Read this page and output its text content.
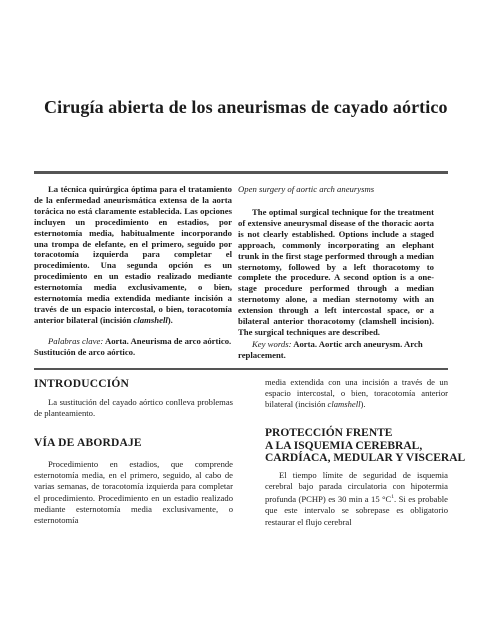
Cirugía abierta de los aneurismas de cayado aórtico

La técnica quirúrgica óptima para el tratamiento de la enfermedad aneurismática extensa de la aorta torácica no está claramente establecida. Las opciones incluyen un procedimiento en estadios, por esternotomía media, habitualmente incorporando una trompa de elefante, en el primero, seguido por toracotomía izquierda para completar el procedimiento. Una segunda opción es un procedimiento en un estadio realizado mediante esternotomía media exclusivamente, o bien, esternotomía media extendida mediante incisión a través de un espacio intercostal, o bien, toracotomía anterior bilateral (incisión clamshell).

Palabras clave: Aorta. Aneurisma de arco aórtico. Sustitución de arco aórtico.

Open surgery of aortic arch aneurysms

The optimal surgical technique for the treatment of extensive aneurysmal disease of the thoracic aorta is not clearly established. Options include a staged approach, commonly incorporating an elephant trunk in the first stage performed through a median sternotomy, followed by a left thoracotomy to complete the procedure. A second option is a one-stage procedure performed through a median sternotomy alone, a median sternotomy with an extension through a left intercostal space, or a bilateral anterior thoracotomy (clamshell incision). The surgical techniques are described.

Key words: Aorta. Aortic arch aneurysm. Arch replacement.

INTRODUCCIÓN

La sustitución del cayado aórtico conlleva problemas de planteamiento.

VÍA DE ABORDAJE

Procedimiento en estadios, que comprende esternotomía media, en el primero, seguido, al cabo de varias semanas, de toracotomía izquierda para completar el procedimiento. Procedimiento en un estadio realizado mediante esternotomía media exclusivamente, o esternotomía

media extendida con una incisión a través de un espacio intercostal, o bien, toracotomía anterior bilateral (incisión clamshell).

PROTECCIÓN FRENTE
A LA ISQUEMIA CEREBRAL,
CARDÍACA, MEDULAR Y VISCERAL

El tiempo límite de seguridad de isquemia cerebral bajo parada circulatoria con hipotermia profunda (PCHP) es 30 min a 15 $^\circ C^1$. Si es probable que este intervalo se sobrepase es obligatorio restaurar el flujo cerebral
